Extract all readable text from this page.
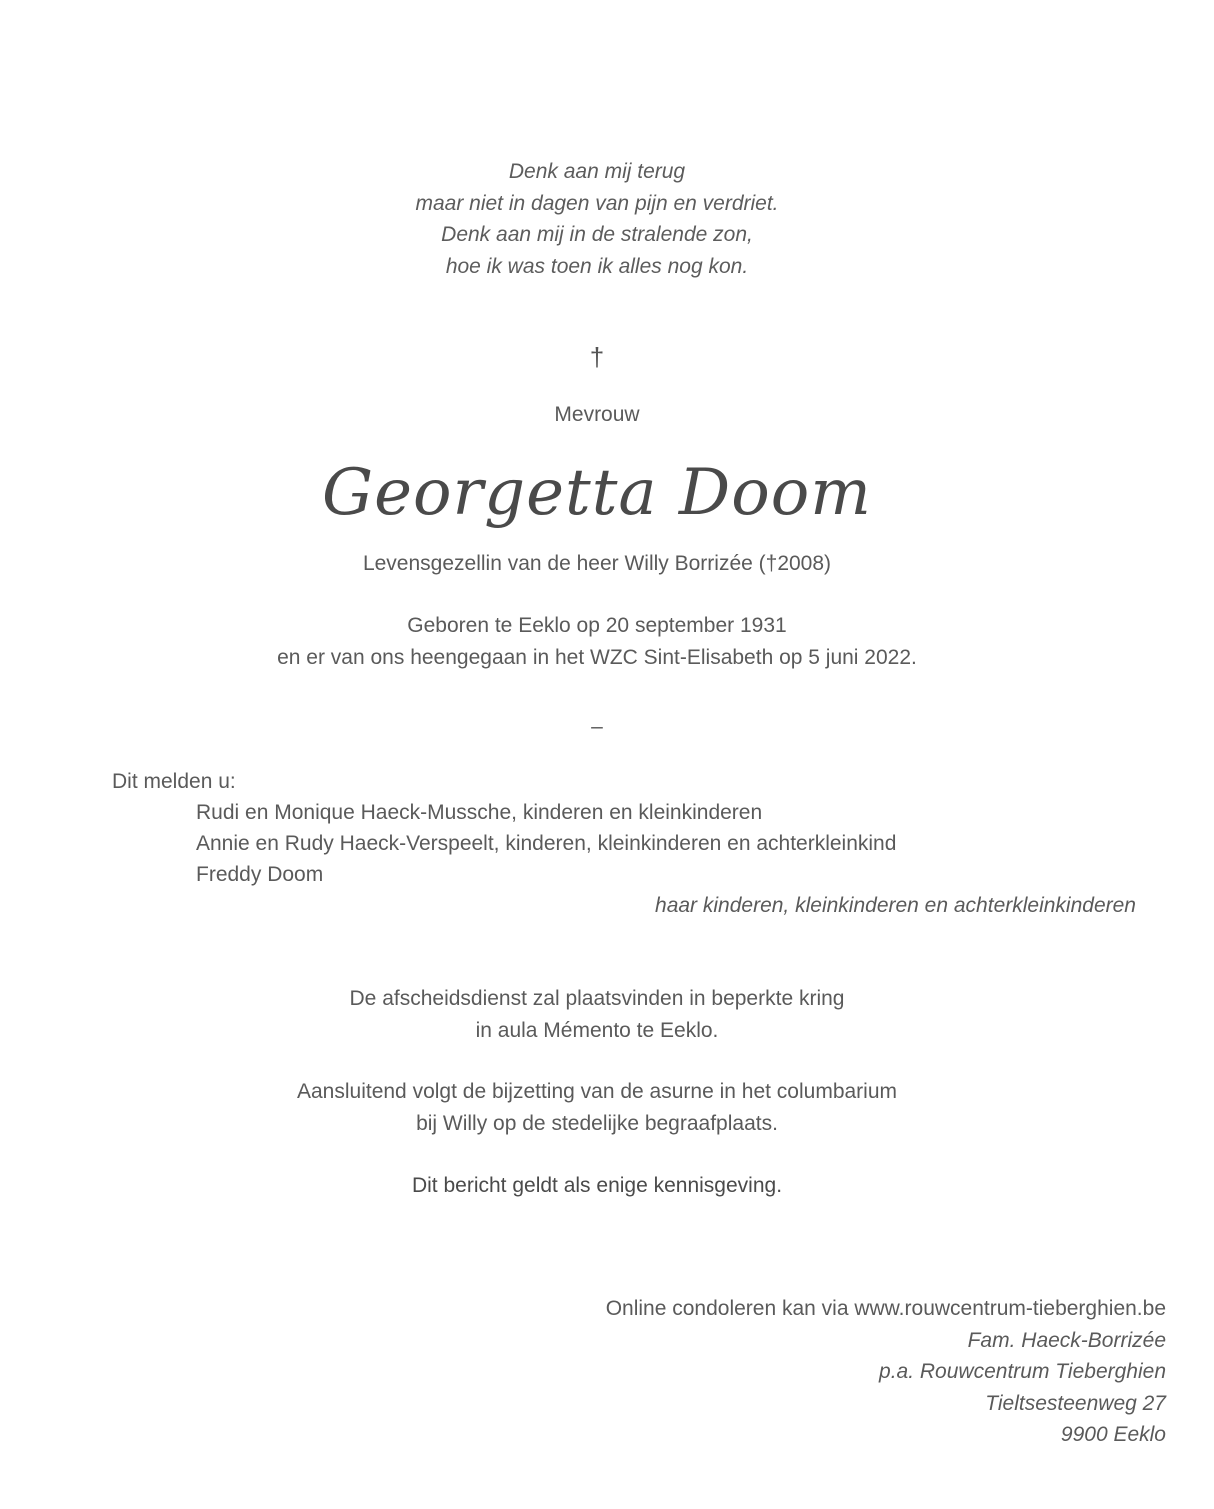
Denk aan mij terug
maar niet in dagen van pijn en verdriet.
Denk aan mij in de stralende zon,
hoe ik was toen ik alles nog kon.
†
Mevrouw
Georgetta Doom
Levensgezellin van de heer Willy Borrizée (†2008)
Geboren te Eeklo op 20 september 1931
en er van ons heengegaan in het WZC Sint-Elisabeth op 5 juni 2022.
–
Dit melden u:
Rudi en Monique Haeck-Mussche, kinderen en kleinkinderen
Annie en Rudy Haeck-Verspeelt, kinderen, kleinkinderen en achterkleinkind
Freddy Doom
haar kinderen, kleinkinderen en achterkleinkinderen
De afscheidsdienst zal plaatsvinden in beperkte kring
in aula Mémento te Eeklo.
Aansluitend volgt de bijzetting van de asurne in het columbarium
bij Willy op de stedelijke begraafplaats.
Dit bericht geldt als enige kennisgeving.
Online condoleren kan via www.rouwcentrum-tieberghien.be
Fam. Haeck-Borrizée
p.a. Rouwcentrum Tieberghien
Tieltsesteenweg 27
9900 Eeklo
